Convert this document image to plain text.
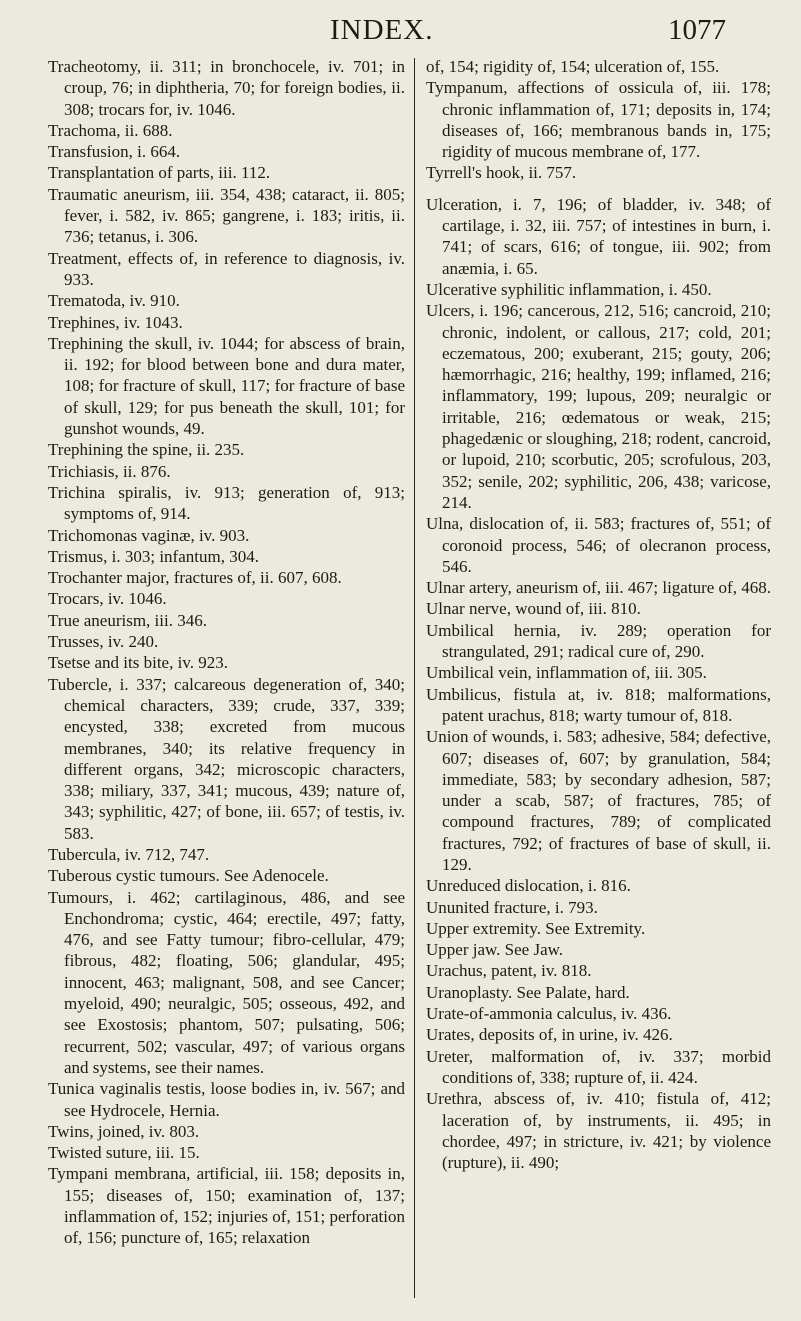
INDEX.	1077

Tracheotomy, ii. 311; in bronchocele, iv. 701; in croup, 76; in diphtheria, 70; for foreign bodies, ii. 308; trocars for, iv. 1046.

Trachoma, ii. 688.

Transfusion, i. 664.

Transplantation of parts, iii. 112.

Traumatic aneurism, iii. 354, 438; cataract, ii. 805; fever, i. 582, iv. 865; gangrene, i. 183; iritis, ii. 736; tetanus, i. 306.

Treatment, effects of, in reference to diagnosis, iv. 933.

Trematoda, iv. 910.

Trephines, iv. 1043.

Trephining the skull, iv. 1044; for abscess of brain, ii. 192; for blood between bone and dura mater, 108; for fracture of skull, 117; for fracture of base of skull, 129; for pus beneath the skull, 101; for gunshot wounds, 49.

Trephining the spine, ii. 235.

Trichiasis, ii. 876.

Trichina spiralis, iv. 913; generation of, 913; symptoms of, 914.

Trichomonas vaginæ, iv. 903.

Trismus, i. 303; infantum, 304.

Trochanter major, fractures of, ii. 607, 608.

Trocars, iv. 1046.

True aneurism, iii. 346.

Trusses, iv. 240.

Tsetse and its bite, iv. 923.

Tubercle, i. 337; calcareous degeneration of, 340; chemical characters, 339; crude, 337, 339; encysted, 338; excreted from mucous membranes, 340; its relative frequency in different organs, 342; microscopic characters, 338; miliary, 337, 341; mucous, 439; nature of, 343; syphilitic, 427; of bone, iii. 657; of testis, iv. 583.

Tubercula, iv. 712, 747.

Tuberous cystic tumours. See Adenocele.

Tumours, i. 462; cartilaginous, 486, and see Enchondroma; cystic, 464; erectile, 497; fatty, 476, and see Fatty tumour; fibro-cellular, 479; fibrous, 482; floating, 506; glandular, 495; innocent, 463; malignant, 508, and see Cancer; myeloid, 490; neuralgic, 505; osseous, 492, and see Exostosis; phantom, 507; pulsating, 506; recurrent, 502; vascular, 497; of various organs and systems, see their names.

Tunica vaginalis testis, loose bodies in, iv. 567; and see Hydrocele, Hernia.

Twins, joined, iv. 803.

Twisted suture, iii. 15.

Tympani membrana, artificial, iii. 158; deposits in, 155; diseases of, 150; examination of, 137; inflammation of, 152; injuries of, 151; perforation of, 156; puncture of, 165; relaxation

of, 154; rigidity of, 154; ulceration of, 155.

Tympanum, affections of ossicula of, iii. 178; chronic inflammation of, 171; deposits in, 174; diseases of, 166; membranous bands in, 175; rigidity of mucous membrane of, 177.

Tyrrell's hook, ii. 757.

Ulceration, i. 7, 196; of bladder, iv. 348; of cartilage, i. 32, iii. 757; of intestines in burn, i. 741; of scars, 616; of tongue, iii. 902; from anæmia, i. 65.

Ulcerative syphilitic inflammation, i. 450.

Ulcers, i. 196; cancerous, 212, 516; cancroid, 210; chronic, indolent, or callous, 217; cold, 201; eczematous, 200; exuberant, 215; gouty, 206; hæmorrhagic, 216; healthy, 199; inflamed, 216; inflammatory, 199; lupous, 209; neuralgic or irritable, 216; œdematous or weak, 215; phagedænic or sloughing, 218; rodent, cancroid, or lupoid, 210; scorbutic, 205; scrofulous, 203, 352; senile, 202; syphilitic, 206, 438; varicose, 214.

Ulna, dislocation of, ii. 583; fractures of, 551; of coronoid process, 546; of olecranon process, 546.

Ulnar artery, aneurism of, iii. 467; ligature of, 468.

Ulnar nerve, wound of, iii. 810.

Umbilical hernia, iv. 289; operation for strangulated, 291; radical cure of, 290.

Umbilical vein, inflammation of, iii. 305.

Umbilicus, fistula at, iv. 818; malformations, patent urachus, 818; warty tumour of, 818.

Union of wounds, i. 583; adhesive, 584; defective, 607; diseases of, 607; by granulation, 584; immediate, 583; by secondary adhesion, 587; under a scab, 587; of fractures, 785; of compound fractures, 789; of complicated fractures, 792; of fractures of base of skull, ii. 129.

Unreduced dislocation, i. 816.

Ununited fracture, i. 793.

Upper extremity. See Extremity.

Upper jaw. See Jaw.

Urachus, patent, iv. 818.

Uranoplasty. See Palate, hard.

Urate-of-ammonia calculus, iv. 436.

Urates, deposits of, in urine, iv. 426.

Ureter, malformation of, iv. 337; morbid conditions of, 338; rupture of, ii. 424.

Urethra, abscess of, iv. 410; fistula of, 412; laceration of, by instruments, ii. 495; in chordee, 497; in stricture, iv. 421; by violence (rupture), ii. 490;
